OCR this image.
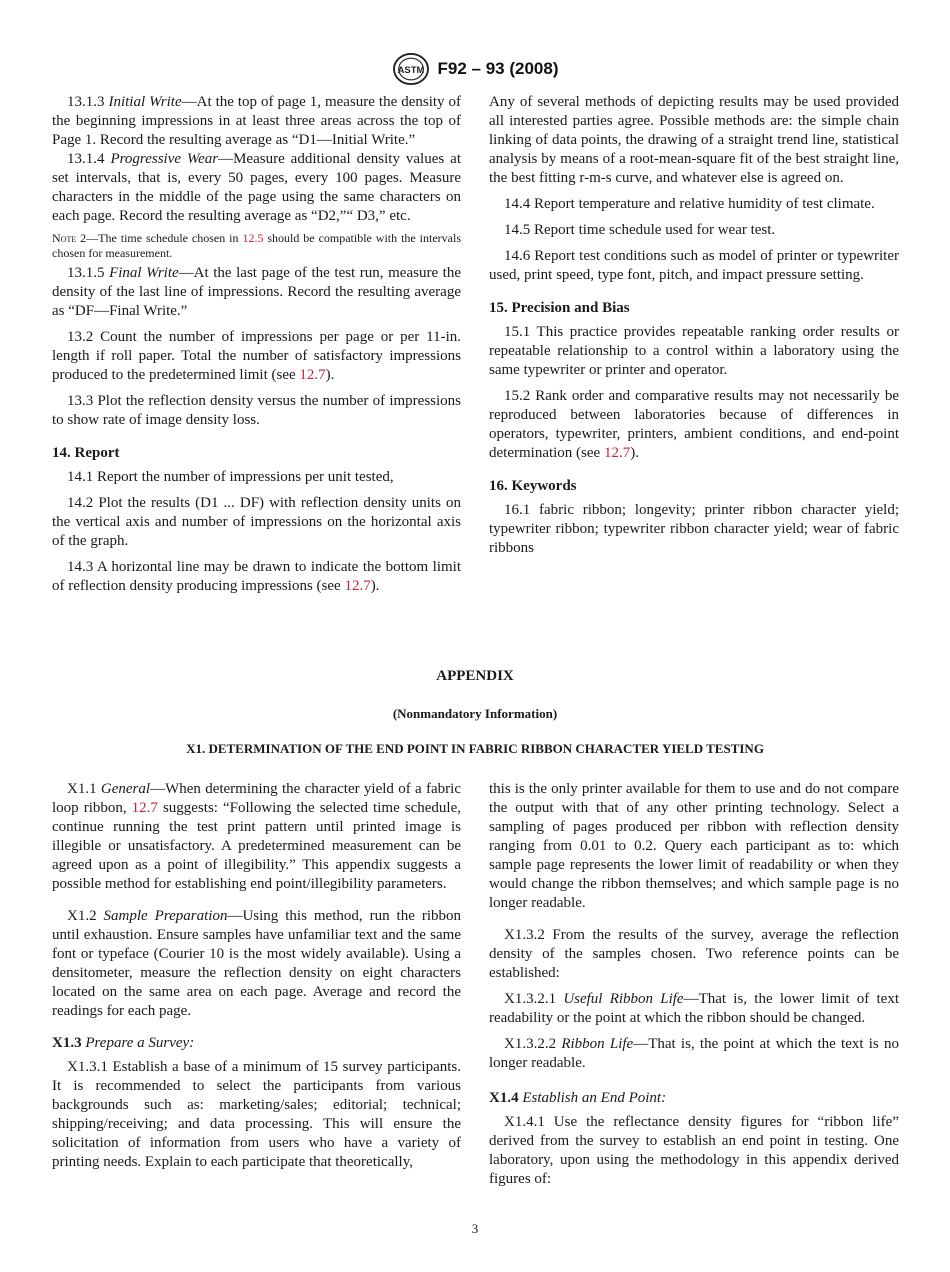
ASTM F92 – 93 (2008)

13.1.3 Initial Write—At the top of page 1, measure the density of the beginning impressions in at least three areas across the top of Page 1. Record the resulting average as “D1—Initial Write.”

13.1.4 Progressive Wear—Measure additional density values at set intervals, that is, every 50 pages, every 100 pages. Measure characters in the middle of the page using the same characters on each page. Record the resulting average as “D2,”“ D3,” etc.

Note 2—The time schedule chosen in 12.5 should be compatible with the intervals chosen for measurement.

13.1.5 Final Write—At the last page of the test run, measure the density of the last line of impressions. Record the resulting average as “DF—Final Write.”

13.2 Count the number of impressions per page or per 11-in. length if roll paper. Total the number of satisfactory impressions produced to the predetermined limit (see 12.7).

13.3 Plot the reflection density versus the number of impressions to show rate of image density loss.

14. Report

14.1 Report the number of impressions per unit tested,

14.2 Plot the results (D1 ... DF) with reflection density units on the vertical axis and number of impressions on the horizontal axis of the graph.

14.3 A horizontal line may be drawn to indicate the bottom limit of reflection density producing impressions (see 12.7).

Any of several methods of depicting results may be used provided all interested parties agree. Possible methods are: the simple chain linking of data points, the drawing of a straight trend line, statistical analysis by means of a root-mean-square fit of the best straight line, the best fitting r-m-s curve, and whatever else is agreed on.

14.4 Report temperature and relative humidity of test climate.

14.5 Report time schedule used for wear test.

14.6 Report test conditions such as model of printer or typewriter used, print speed, type font, pitch, and impact pressure setting.

15. Precision and Bias

15.1 This practice provides repeatable ranking order results or repeatable relationship to a control within a laboratory using the same typewriter or printer and operator.

15.2 Rank order and comparative results may not necessarily be reproduced between laboratories because of differences in operators, typewriter, printers, ambient conditions, and end-point determination (see 12.7).

16. Keywords

16.1 fabric ribbon; longevity; printer ribbon character yield; typewriter ribbon; typewriter ribbon character yield; wear of fabric ribbons

APPENDIX
(Nonmandatory Information)
X1. DETERMINATION OF THE END POINT IN FABRIC RIBBON CHARACTER YIELD TESTING

X1.1 General—When determining the character yield of a fabric loop ribbon, 12.7 suggests: “Following the selected time schedule, continue running the test print pattern until printed image is illegible or unsatisfactory. A predetermined measurement can be agreed upon as a point of illegibility.” This appendix suggests a possible method for establishing end point/illegibility parameters.

X1.2 Sample Preparation—Using this method, run the ribbon until exhaustion. Ensure samples have unfamiliar text and the same font or typeface (Courier 10 is the most widely available). Using a densitometer, measure the reflection density on eight characters located on the same area on each page. Average and record the readings for each page.

X1.3 Prepare a Survey:

X1.3.1 Establish a base of a minimum of 15 survey participants. It is recommended to select the participants from various backgrounds such as: marketing/sales; editorial; technical; shipping/receiving; and data processing. This will ensure the solicitation of information from users who have a variety of printing needs. Explain to each participate that theoretically,

this is the only printer available for them to use and do not compare the output with that of any other printing technology. Select a sampling of pages produced per ribbon with reflection density ranging from 0.01 to 0.2. Query each participant as to: which sample page represents the lower limit of readability or when they would change the ribbon themselves; and which sample page is no longer readable.

X1.3.2 From the results of the survey, average the reflection density of the samples chosen. Two reference points can be established:

X1.3.2.1 Useful Ribbon Life—That is, the lower limit of text readability or the point at which the ribbon should be changed.

X1.3.2.2 Ribbon Life—That is, the point at which the text is no longer readable.

X1.4 Establish an End Point:

X1.4.1 Use the reflectance density figures for “ribbon life” derived from the survey to establish an end point in testing. One laboratory, upon using the methodology in this appendix derived figures of:

3
